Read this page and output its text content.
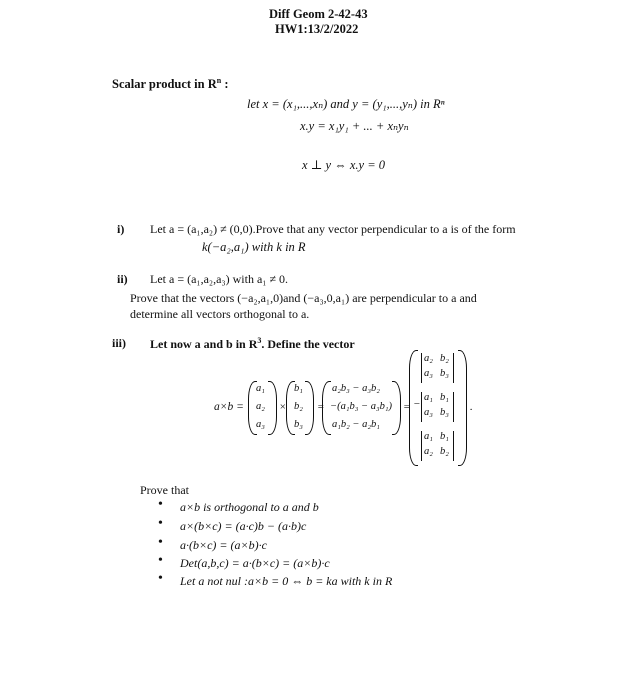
Diff Geom 2-42-43
HW1:13/2/2022
Scalar product in $R^n$ :
let x = (x₁,...,xₙ) and y = (y₁,...,yₙ) in Rⁿ
x.y = x₁y₁ + ... + xₙyₙ
x ⊥ y ⇔ x.y = 0
i) Let a = (a₁,a₂) ≠ (0,0).Prove that any vector perpendicular to a is of the form
k(−a₂,a₁) with k in R
ii) Let a = (a₁,a₂,a₃) with a₁ ≠ 0.
Prove that the vectors (−a₂,a₁,0)and (−a₃,0,a₁) are perpendicular to a and
determine all vectors orthogonal to a.
iii) Let now a and b in $R^3$. Define the vector
a×b =
a₁
a₂
a₃
×
b₁
b₂
b₃
=
a₂b₃ − a₃b₂
−(a₁b₃ − a₃b₁)
a₁b₂ − a₂b₁
=
a₂ b₂
a₃ b₃
−
a₁ b₁
a₃ b₃
a₁ b₁
a₂ b₂
.
Prove that
• a×b is orthogonal to a and b
• a×(b×c) = (a·c)b − (a·b)c
• a·(b×c) = (a×b)·c
• Det(a,b,c) = a·(b×c) = (a×b)·c
• Let a not nul :a×b = 0 ⇔ b = ka with k in R
